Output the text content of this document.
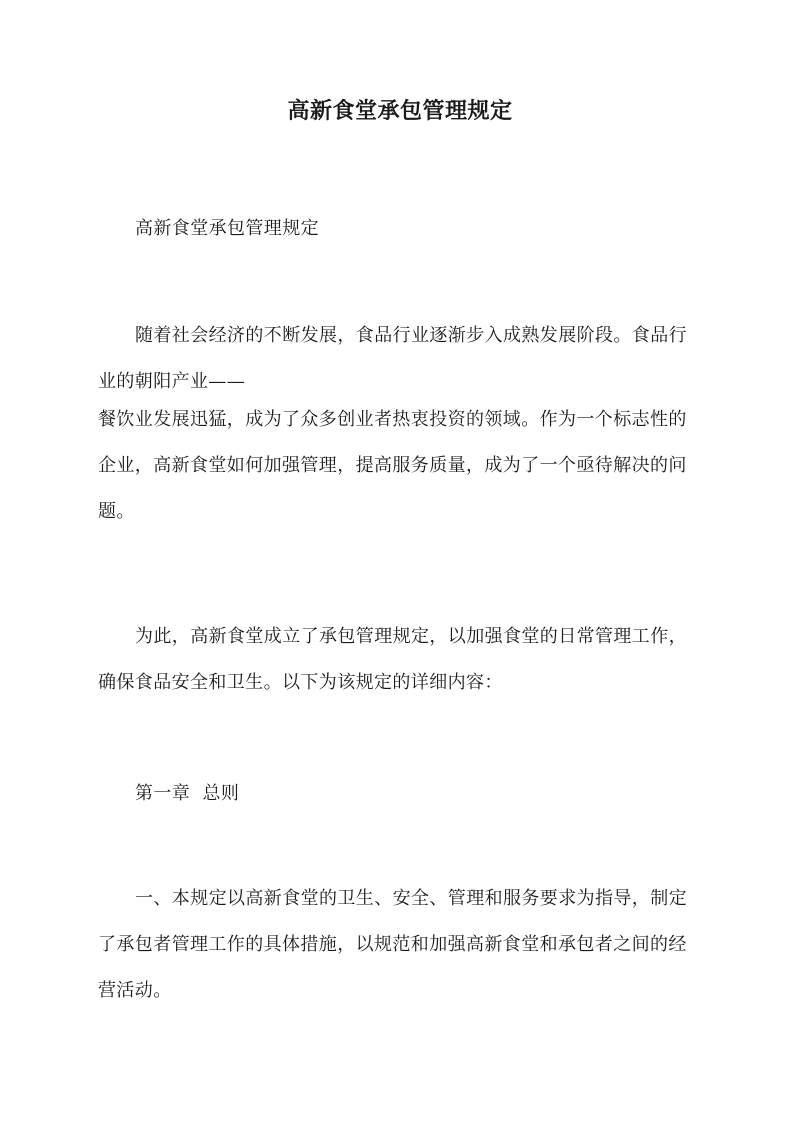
高新食堂承包管理规定
高新食堂承包管理规定
随着社会经济的不断发展，食品行业逐渐步入成熟发展阶段。食品行
业的朝阳产业——
餐饮业发展迅猛，成为了众多创业者热衷投资的领域。作为一个标志性的
企业，高新食堂如何加强管理，提高服务质量，成为了一个亟待解决的问
题。
为此，高新食堂成立了承包管理规定，以加强食堂的日常管理工作，
确保食品安全和卫生。以下为该规定的详细内容：
第一章  总则
一、本规定以高新食堂的卫生、安全、管理和服务要求为指导，制定
了承包者管理工作的具体措施，以规范和加强高新食堂和承包者之间的经
营活动。
